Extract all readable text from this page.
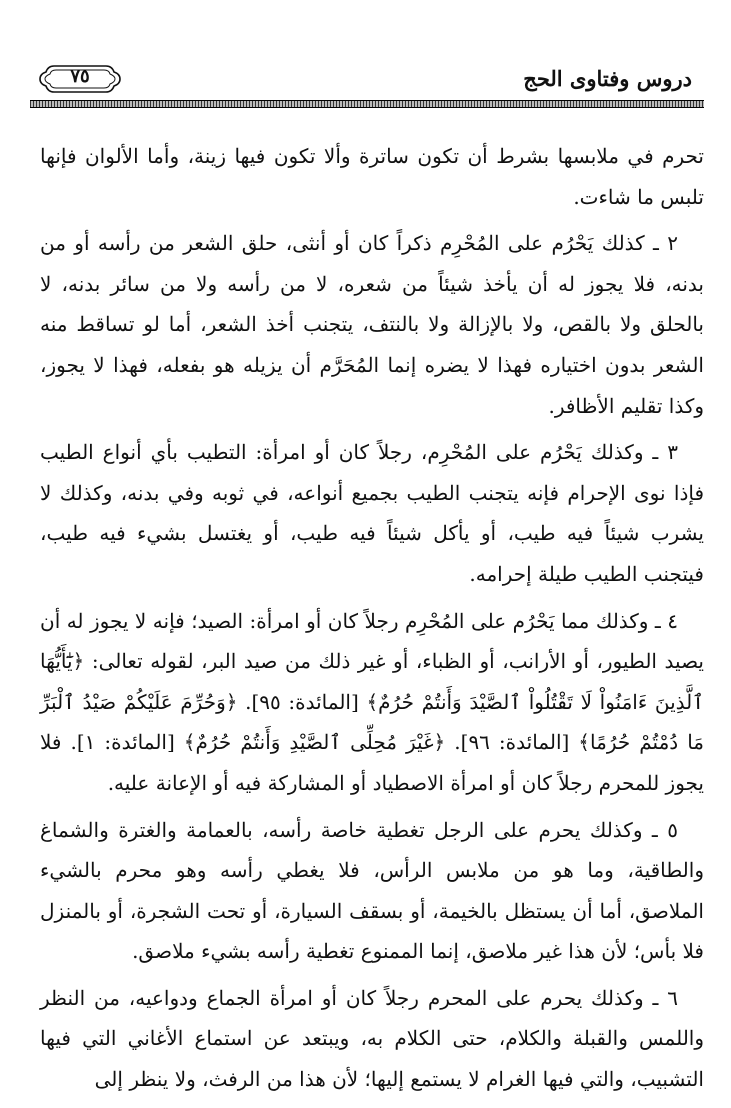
دروس وفتاوى الحج
٧٥

تحرم في ملابسها بشرط أن تكون ساترة وألا تكون فيها زينة، وأما الألوان فإنها تلبس ما شاءت.

٢ ـ كذلك يَحْرُم على المُحْرِم ذكراً كان أو أنثى، حلق الشعر من رأسه أو من بدنه، فلا يجوز له أن يأخذ شيئاً من شعره، لا من رأسه ولا من سائر بدنه، لا بالحلق ولا بالقص، ولا بالإزالة ولا بالنتف، يتجنب أخذ الشعر، أما لو تساقط منه الشعر بدون اختياره فهذا لا يضره إنما المُحَرَّم أن يزيله هو بفعله، فهذا لا يجوز، وكذا تقليم الأظافر.

٣ ـ وكذلك يَحْرُم على المُحْرِم، رجلاً كان أو امرأة: التطيب بأي أنواع الطيب فإذا نوى الإحرام فإنه يتجنب الطيب بجميع أنواعه، في ثوبه وفي بدنه، وكذلك لا يشرب شيئاً فيه طيب، أو يأكل شيئاً فيه طيب، أو يغتسل بشيء فيه طيب، فيتجنب الطيب طيلة إحرامه.

٤ ـ وكذلك مما يَحْرُم على المُحْرِم رجلاً كان أو امرأة: الصيد؛ فإنه لا يجوز له أن يصيد الطيور، أو الأرانب، أو الظباء، أو غير ذلك من صيد البر، لقوله تعالى: ﴿يَٰٓأَيُّهَا ٱلَّذِينَ ءَامَنُواْ لَا تَقْتُلُواْ ٱلصَّيْدَ وَأَنتُمْ حُرُمٌ﴾ [المائدة: ٩٥]. ﴿وَحُرِّمَ عَلَيْكُمْ صَيْدُ ٱلْبَرِّ مَا دُمْتُمْ حُرُمًا﴾ [المائدة: ٩٦]. ﴿غَيْرَ مُحِلِّى ٱلصَّيْدِ وَأَنتُمْ حُرُمٌ﴾ [المائدة: ١]. فلا يجوز للمحرم رجلاً كان أو امرأة الاصطياد أو المشاركة فيه أو الإعانة عليه.

٥ ـ وكذلك يحرم على الرجل تغطية خاصة رأسه، بالعمامة والغترة والشماغ والطاقية، وما هو من ملابس الرأس، فلا يغطي رأسه وهو محرم بالشيء الملاصق، أما أن يستظل بالخيمة، أو بسقف السيارة، أو تحت الشجرة، أو بالمنزل فلا بأس؛ لأن هذا غير ملاصق، إنما الممنوع تغطية رأسه بشيء ملاصق.

٦ ـ وكذلك يحرم على المحرم رجلاً كان أو امرأة الجماع ودواعيه، من النظر واللمس والقبلة والكلام، حتى الكلام به، ويبتعد عن استماع الأغاني التي فيها التشبيب، والتي فيها الغرام لا يستمع إليها؛ لأن هذا من الرفث، ولا ينظر إلى
